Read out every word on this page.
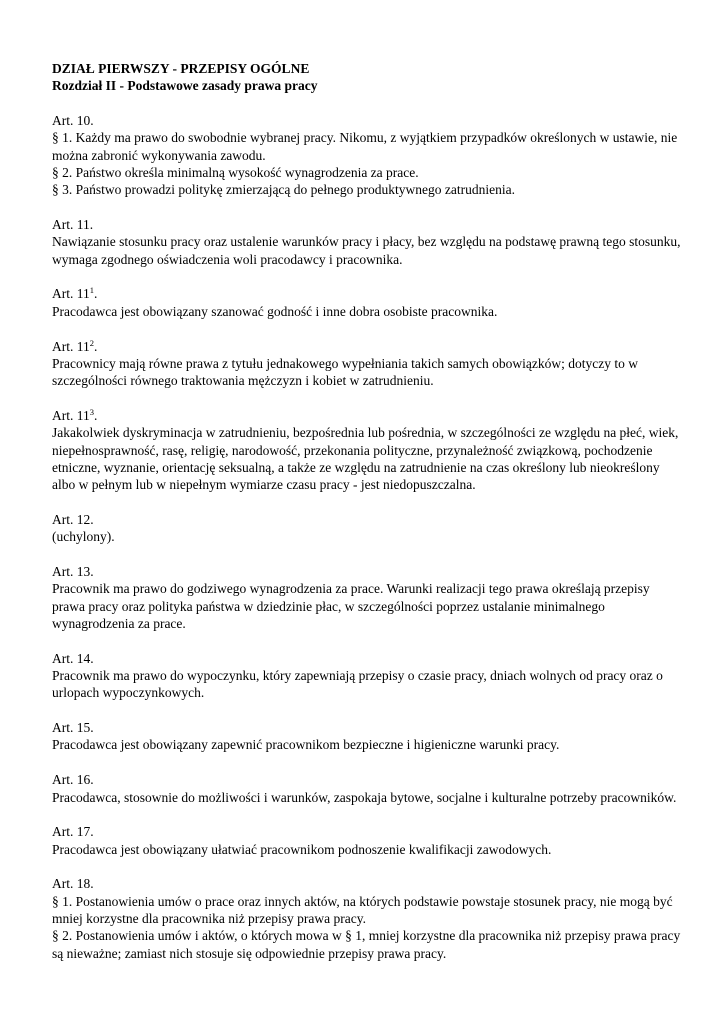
DZIAŁ PIERWSZY - PRZEPISY OGÓLNE

Rozdział II - Podstawowe zasady prawa pracy

Art. 10.

§ 1. Każdy ma prawo do swobodnie wybranej pracy. Nikomu, z wyjątkiem przypadków określonych w ustawie, nie można zabronić wykonywania zawodu.

§ 2. Państwo określa minimalną wysokość wynagrodzenia za prace.

§ 3. Państwo prowadzi politykę zmierzającą do pełnego produktywnego zatrudnienia.

Art. 11.

Nawiązanie stosunku pracy oraz ustalenie warunków pracy i płacy, bez względu na podstawę prawną tego stosunku, wymaga zgodnego oświadczenia woli pracodawcy i pracownika.

Art. $11^1$.

Pracodawca jest obowiązany szanować godność i inne dobra osobiste pracownika.

Art. $11^2$.

Pracownicy mają równe prawa z tytułu jednakowego wypełniania takich samych obowiązków; dotyczy to w szczególności równego traktowania mężczyzn i kobiet w zatrudnieniu.

Art. $11^3$.

Jakakolwiek dyskryminacja w zatrudnieniu, bezpośrednia lub pośrednia, w szczególności ze względu na płeć, wiek, niepełnosprawność, rasę, religię, narodowość, przekonania polityczne, przynależność związkową, pochodzenie etniczne, wyznanie, orientację seksualną, a także ze względu na zatrudnienie na czas określony lub nieokreślony albo w pełnym lub w niepełnym wymiarze czasu pracy - jest niedopuszczalna.

Art. 12.

(uchylony).

Art. 13.

Pracownik ma prawo do godziwego wynagrodzenia za prace. Warunki realizacji tego prawa określają przepisy prawa pracy oraz polityka państwa w dziedzinie płac, w szczególności poprzez ustalanie minimalnego wynagrodzenia za prace.

Art. 14.

Pracownik ma prawo do wypoczynku, który zapewniają przepisy o czasie pracy, dniach wolnych od pracy oraz o urlopach wypoczynkowych.

Art. 15.

Pracodawca jest obowiązany zapewnić pracownikom bezpieczne i higieniczne warunki pracy.

Art. 16.

Pracodawca, stosownie do możliwości i warunków, zaspokaja bytowe, socjalne i kulturalne potrzeby pracowników.

Art. 17.

Pracodawca jest obowiązany ułatwiać pracownikom podnoszenie kwalifikacji zawodowych.

Art. 18.

§ 1. Postanowienia umów o prace oraz innych aktów, na których podstawie powstaje stosunek pracy, nie mogą być mniej korzystne dla pracownika niż przepisy prawa pracy.

§ 2. Postanowienia umów i aktów, o których mowa w § 1, mniej korzystne dla pracownika niż przepisy prawa pracy są nieważne; zamiast nich stosuje się odpowiednie przepisy prawa pracy.
